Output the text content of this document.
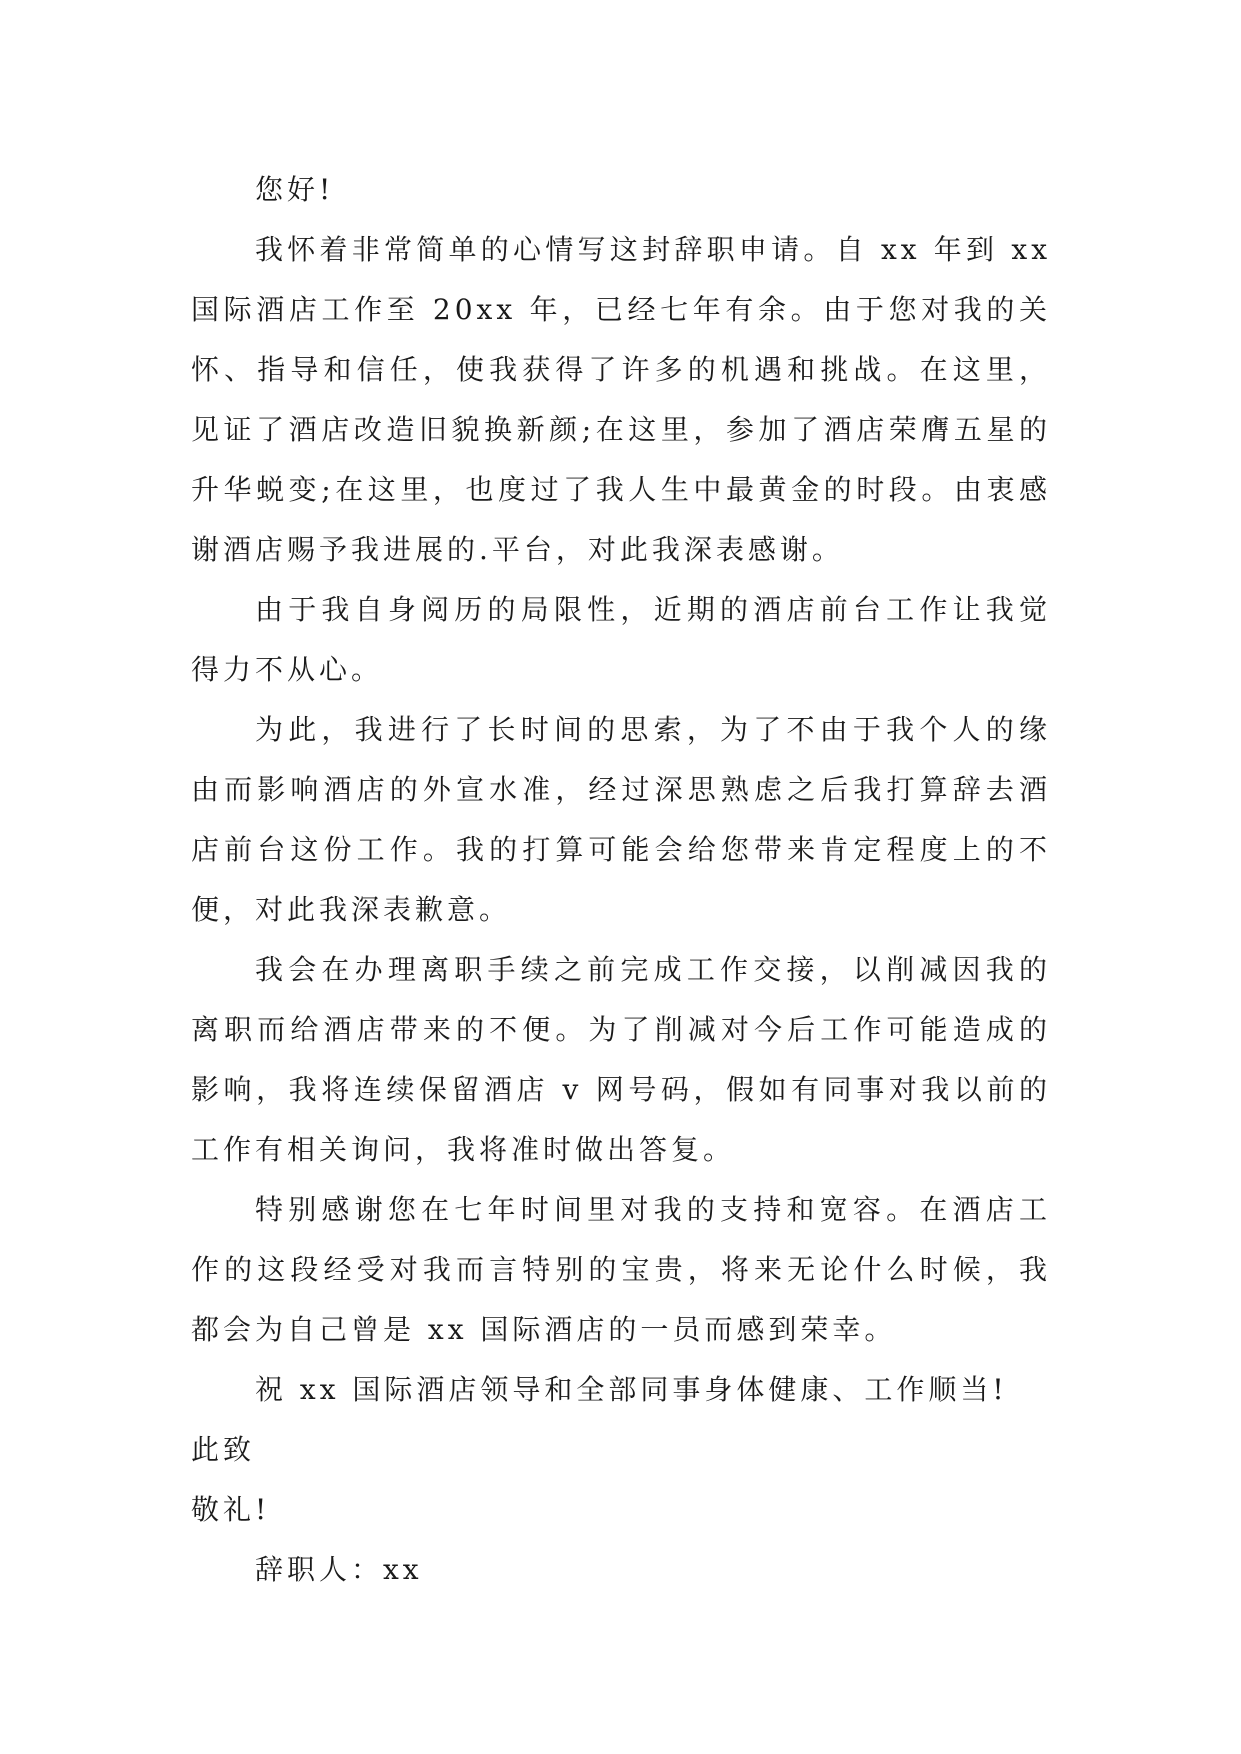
您好!

我怀着非常简单的心情写这封辞职申请。自 xx 年到 xx 国际酒店工作至 20xx 年，已经七年有余。由于您对我的关怀、指导和信任，使我获得了许多的机遇和挑战。在这里，见证了酒店改造旧貌换新颜;在这里，参加了酒店荣膺五星的升华蜕变;在这里，也度过了我人生中最黄金的时段。由衷感谢酒店赐予我进展的.平台，对此我深表感谢。

由于我自身阅历的局限性，近期的酒店前台工作让我觉得力不从心。

为此，我进行了长时间的思索，为了不由于我个人的缘由而影响酒店的外宣水准，经过深思熟虑之后我打算辞去酒店前台这份工作。我的打算可能会给您带来肯定程度上的不便，对此我深表歉意。

我会在办理离职手续之前完成工作交接，以削减因我的离职而给酒店带来的不便。为了削减对今后工作可能造成的影响，我将连续保留酒店 v 网号码，假如有同事对我以前的工作有相关询问，我将准时做出答复。

特别感谢您在七年时间里对我的支持和宽容。在酒店工作的这段经受对我而言特别的宝贵，将来无论什么时候，我都会为自己曾是 xx 国际酒店的一员而感到荣幸。

祝 xx 国际酒店领导和全部同事身体健康、工作顺当!

此致

敬礼!

辞职人：xx
